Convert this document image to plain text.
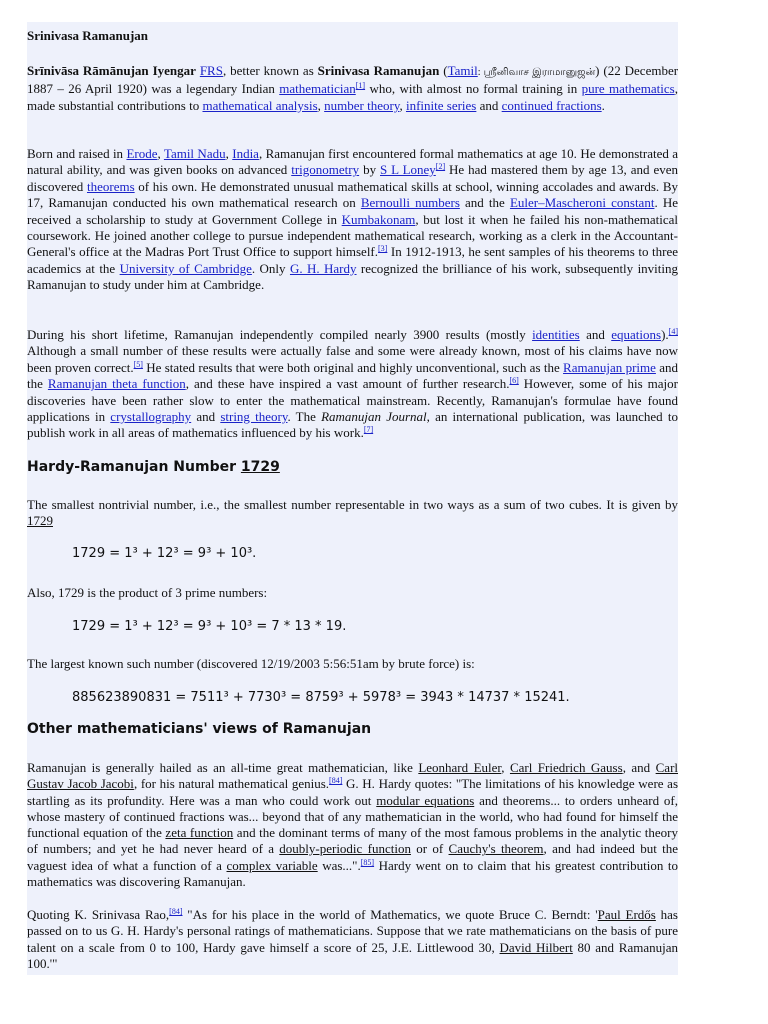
Srinivasa Ramanujan

Srīnivāsa Rāmānujan Iyengar FRS, better known as Srinivasa Ramanujan (Tamil: ஸ்ரீனிவாச இராமானுஜன்) (22 December 1887 – 26 April 1920) was a legendary Indian mathematician[1] who, with almost no formal training in pure mathematics, made substantial contributions to mathematical analysis, number theory, infinite series and continued fractions.

Born and raised in Erode, Tamil Nadu, India, Ramanujan first encountered formal mathematics at age 10. He demonstrated a natural ability, and was given books on advanced trigonometry by S L Loney[2] He had mastered them by age 13, and even discovered theorems of his own. He demonstrated unusual mathematical skills at school, winning accolades and awards. By 17, Ramanujan conducted his own mathematical research on Bernoulli numbers and the Euler–Mascheroni constant. He received a scholarship to study at Government College in Kumbakonam, but lost it when he failed his non-mathematical coursework. He joined another college to pursue independent mathematical research, working as a clerk in the Accountant-General's office at the Madras Port Trust Office to support himself.[3] In 1912-1913, he sent samples of his theorems to three academics at the University of Cambridge. Only G. H. Hardy recognized the brilliance of his work, subsequently inviting Ramanujan to study under him at Cambridge.

During his short lifetime, Ramanujan independently compiled nearly 3900 results (mostly identities and equations).[4] Although a small number of these results were actually false and some were already known, most of his claims have now been proven correct.[5] He stated results that were both original and highly unconventional, such as the Ramanujan prime and the Ramanujan theta function, and these have inspired a vast amount of further research.[6] However, some of his major discoveries have been rather slow to enter the mathematical mainstream. Recently, Ramanujan's formulae have found applications in crystallography and string theory. The Ramanujan Journal, an international publication, was launched to publish work in all areas of mathematics influenced by his work.[7]

Hardy-Ramanujan Number 1729

The smallest nontrivial number, i.e., the smallest number representable in two ways as a sum of two cubes. It is given by 1729

1729 = 1³ + 12³ = 9³ + 10³.

Also, 1729 is the product of 3 prime numbers:

1729 = 1³ + 12³ = 9³ + 10³ = 7 * 13 * 19.

The largest known such number (discovered 12/19/2003 5:56:51am by brute force) is:

885623890831 = 7511³ + 7730³ = 8759³ + 5978³ = 3943 * 14737 * 15241.
Other mathematicians' views of Ramanujan

Ramanujan is generally hailed as an all-time great mathematician, like Leonhard Euler, Carl Friedrich Gauss, and Carl Gustav Jacob Jacobi, for his natural mathematical genius.[84] G. H. Hardy quotes: "The limitations of his knowledge were as startling as its profundity. Here was a man who could work out modular equations and theorems... to orders unheard of, whose mastery of continued fractions was... beyond that of any mathematician in the world, who had found for himself the functional equation of the zeta function and the dominant terms of many of the most famous problems in the analytic theory of numbers; and yet he had never heard of a doubly-periodic function or of Cauchy's theorem, and had indeed but the vaguest idea of what a function of a complex variable was...".[85] Hardy went on to claim that his greatest contribution to mathematics was discovering Ramanujan.

Quoting K. Srinivasa Rao,[84] "As for his place in the world of Mathematics, we quote Bruce C. Berndt: 'Paul Erdős has passed on to us G. H. Hardy's personal ratings of mathematicians. Suppose that we rate mathematicians on the basis of pure talent on a scale from 0 to 100, Hardy gave himself a score of 25, J.E. Littlewood 30, David Hilbert 80 and Ramanujan 100.'"
